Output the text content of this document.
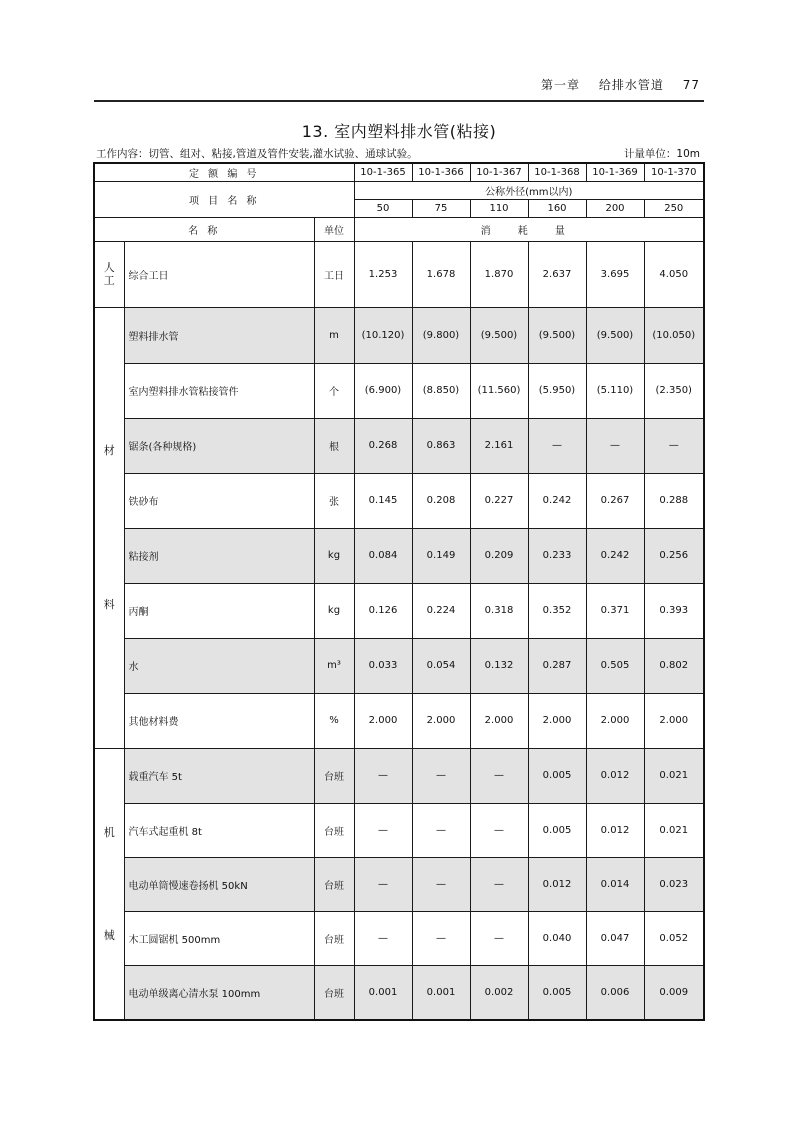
第一章 给排水管道 77
13. 室内塑料排水管(粘接)
工作内容：切管、组对、粘接,管道及管件安装,灌水试验、通球试验。	计量单位：10m
定 额 编 号			10-1-365	10-1-366	10-1-367	10-1-368	10-1-369	10-1-370
项 目 名 称			公称外径(mm以内)					
			50	75	110	160	200	250
名 称		单位	消 耗 量					

人
工	综合工日	工日	1.253	1.678	1.870	2.637	3.695	4.050

材
料	塑料排水管	m	(10.120)	(9.800)	(9.500)	(9.500)	(9.500)	(10.050)
	室内塑料排水管粘接管件	个	(6.900)	(8.850)	(11.560)	(5.950)	(5.110)	(2.350)
	锯条(各种规格)	根	0.268	0.863	2.161	—	—	—
	铁砂布	张	0.145	0.208	0.227	0.242	0.267	0.288
	粘接剂	kg	0.084	0.149	0.209	0.233	0.242	0.256
	丙酮	kg	0.126	0.224	0.318	0.352	0.371	0.393
	水	m³	0.033	0.054	0.132	0.287	0.505	0.802
	其他材料费	%	2.000	2.000	2.000	2.000	2.000	2.000

机
械	载重汽车 5t	台班	—	—	—	0.005	0.012	0.021
	汽车式起重机 8t	台班	—	—	—	0.005	0.012	0.021
	电动单筒慢速卷扬机 50kN	台班	—	—	—	0.012	0.014	0.023
	木工圆锯机 500mm	台班	—	—	—	0.040	0.047	0.052
	电动单级离心清水泵 100mm	台班	0.001	0.001	0.002	0.005	0.006	0.009
